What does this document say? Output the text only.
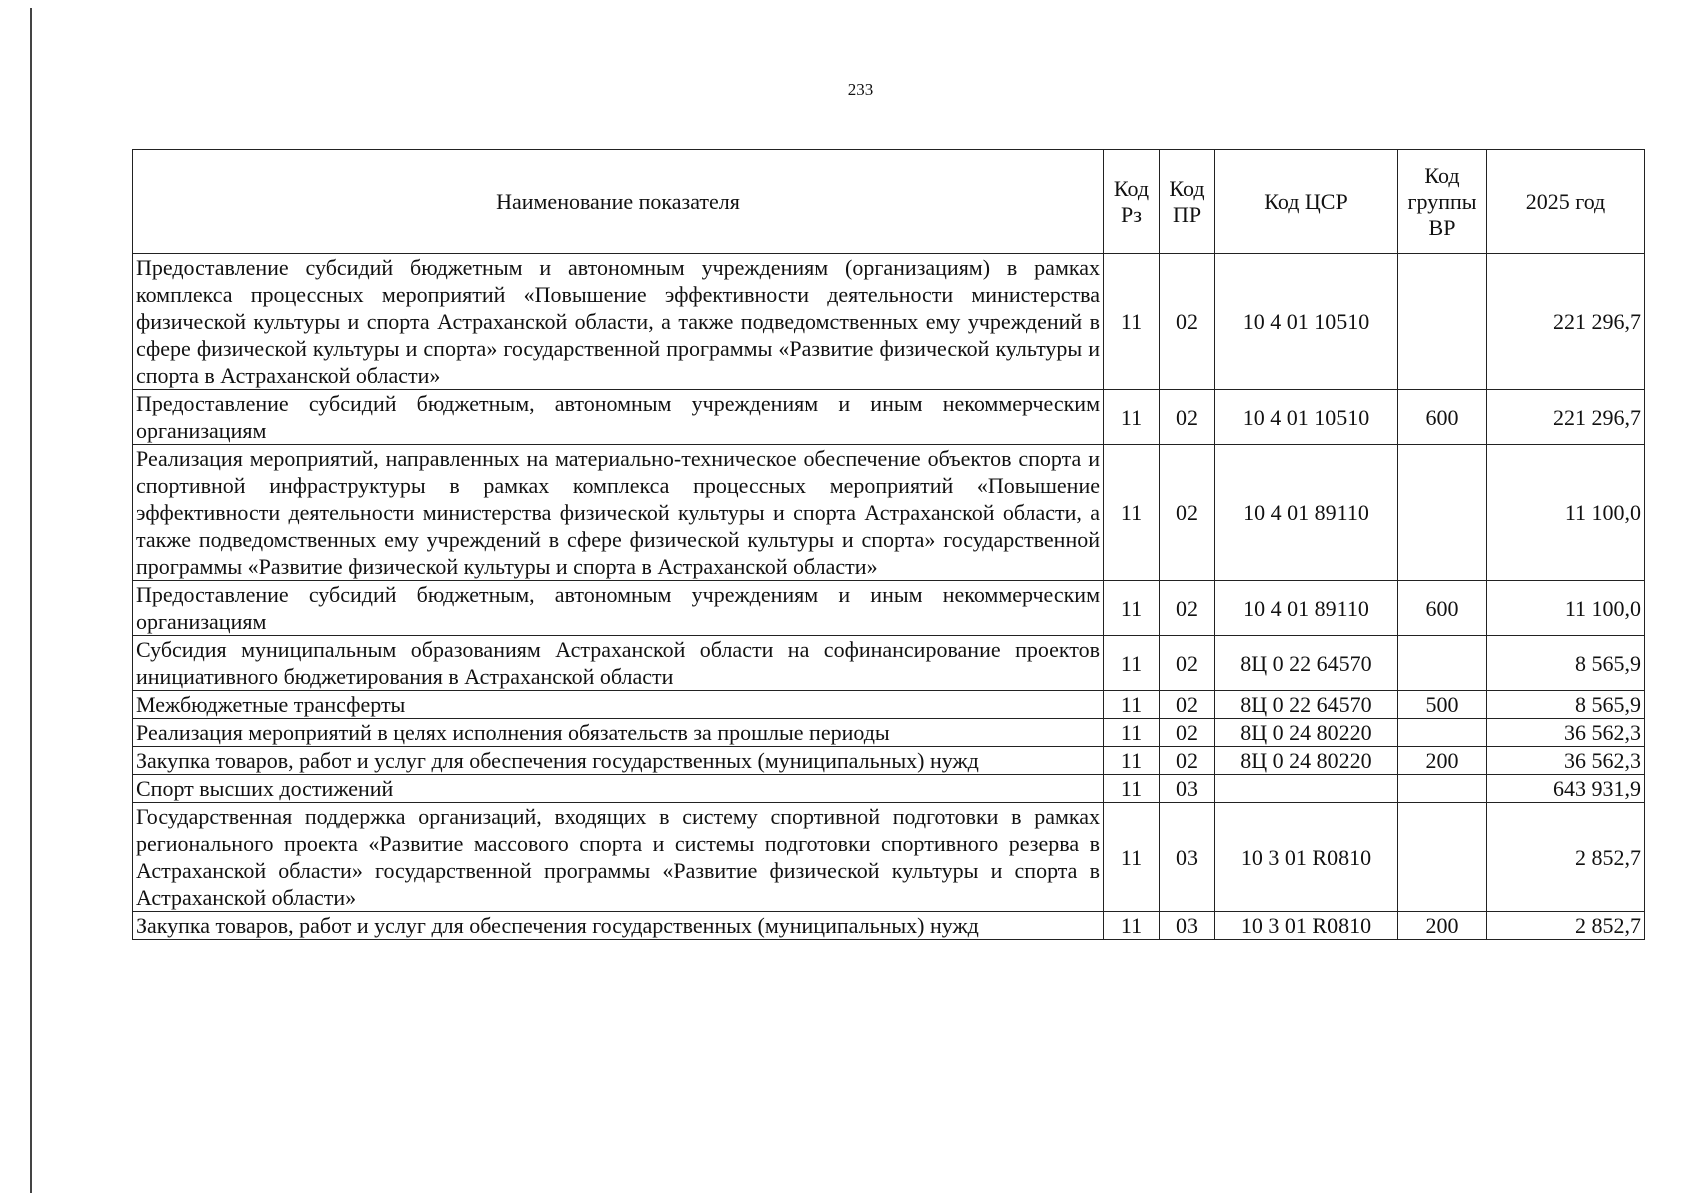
233
Наименование показателя	Код Рз	Код ПР	Код ЦСР	Код группы ВР	2025 год
Предоставление субсидий бюджетным и автономным учреждениям (организациям) в рамках комплекса процессных мероприятий «Повышение эффективности деятельности министерства физической культуры и спорта Астраханской области, а также подведомственных ему учреждений в сфере физической культуры и спорта» государственной программы «Развитие физической культуры и спорта в Астраханской области»	11	02	10 4 01 10510		221 296,7
Предоставление субсидий бюджетным, автономным учреждениям и иным некоммерческим организациям	11	02	10 4 01 10510	600	221 296,7
Реализация мероприятий, направленных на материально-техническое обеспечение объектов спорта и спортивной инфраструктуры в рамках комплекса процессных мероприятий «Повышение эффективности деятельности министерства физической культуры и спорта Астраханской области, а также подведомственных ему учреждений в сфере физической культуры и спорта» государственной программы «Развитие физической культуры и спорта в Астраханской области»	11	02	10 4 01 89110		11 100,0
Предоставление субсидий бюджетным, автономным учреждениям и иным некоммерческим организациям	11	02	10 4 01 89110	600	11 100,0
Субсидия муниципальным образованиям Астраханской области на софинансирование проектов инициативного бюджетирования в Астраханской области	11	02	8Ц 0 22 64570		8 565,9
Межбюджетные трансферты	11	02	8Ц 0 22 64570	500	8 565,9
Реализация мероприятий в целях исполнения обязательств за прошлые периоды	11	02	8Ц 0 24 80220		36 562,3
Закупка товаров, работ и услуг для обеспечения государственных (муниципальных) нужд	11	02	8Ц 0 24 80220	200	36 562,3
Спорт высших достижений	11	03			643 931,9
Государственная поддержка организаций, входящих в систему спортивной подготовки в рамках регионального проекта «Развитие массового спорта и системы подготовки спортивного резерва в Астраханской области» государственной программы «Развитие физической культуры и спорта в Астраханской области»	11	03	10 3 01 R0810		2 852,7
Закупка товаров, работ и услуг для обеспечения государственных (муниципальных) нужд	11	03	10 3 01 R0810	200	2 852,7
